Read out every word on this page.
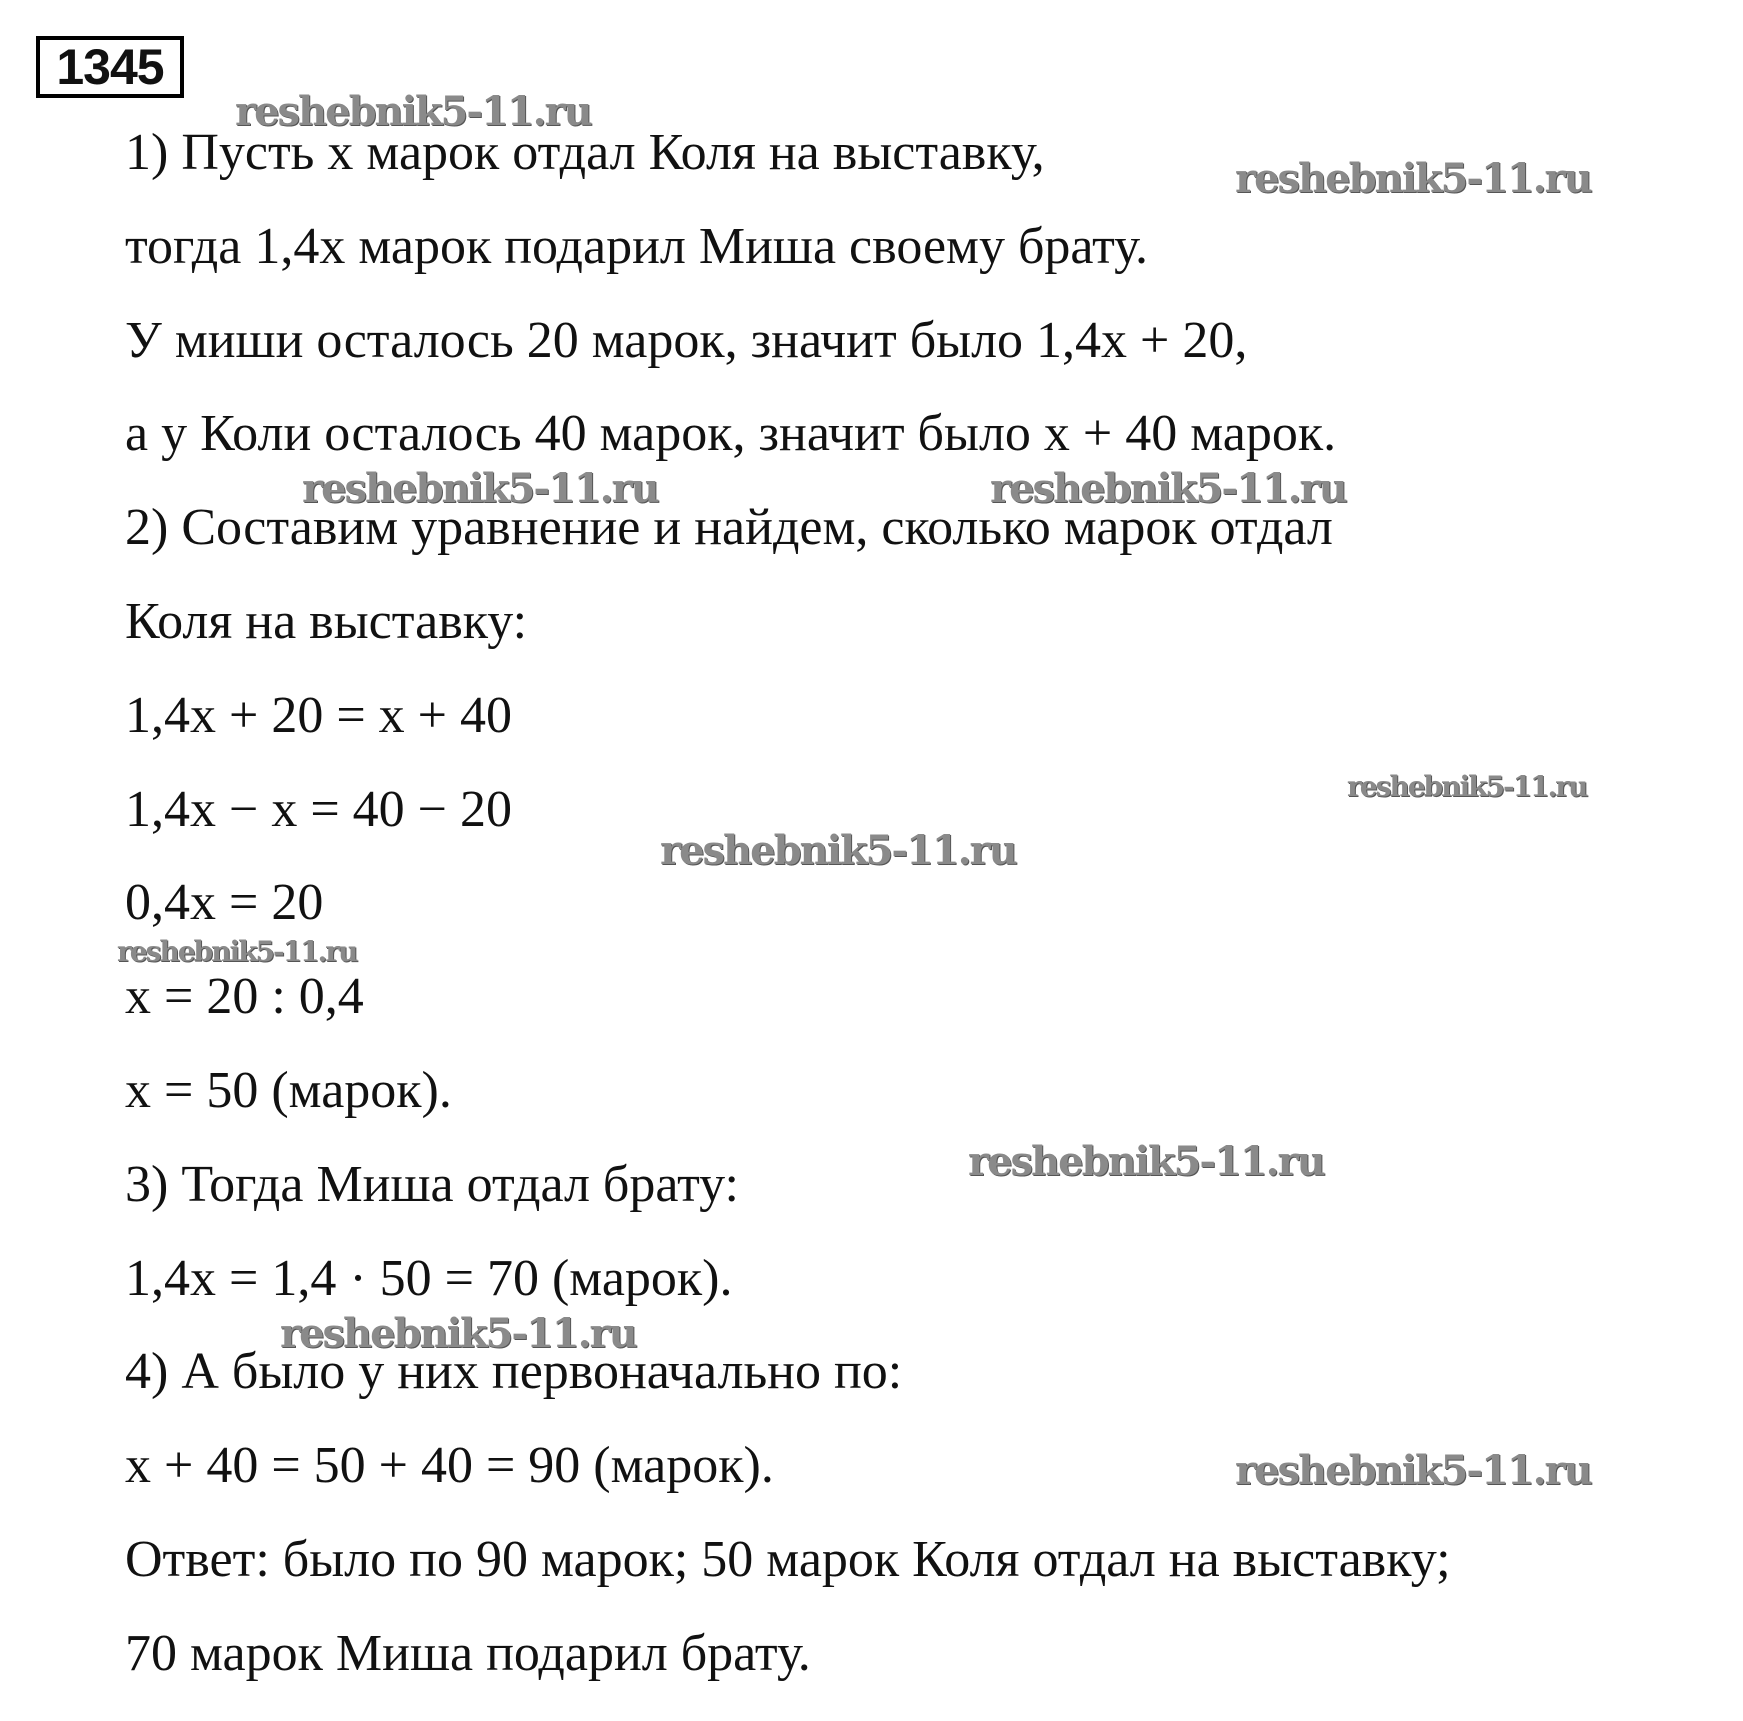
1345
1) Пусть x марок отдал Коля на выставку,
тогда 1,4x марок подарил Миша своему брату.
У миши осталось 20 марок, значит было 1,4x + 20,
а у Коли осталось 40 марок, значит было x + 40 марок.
2) Составим уравнение и найдем, сколько марок отдал
Коля на выставку:
1,4x + 20 = x + 40
1,4x − x = 40 − 20
0,4x = 20
x = 20 : 0,4
x = 50 (марок).
3) Тогда Миша отдал брату:
1,4x = 1,4 · 50 = 70 (марок).
4) А было у них первоначально по:
x + 40 = 50 + 40 = 90 (марок).
Ответ: было по 90 марок; 50 марок Коля отдал на выставку;
70 марок Миша подарил брату.
reshebnik5-11.ru
reshebnik5-11.ru
reshebnik5-11.ru	reshebnik5-11.ru
reshebnik5-11.ru
reshebnik5-11.ru
reshebnik5-11.ru
reshebnik5-11.ru
reshebnik5-11.ru
reshebnik5-11.ru
